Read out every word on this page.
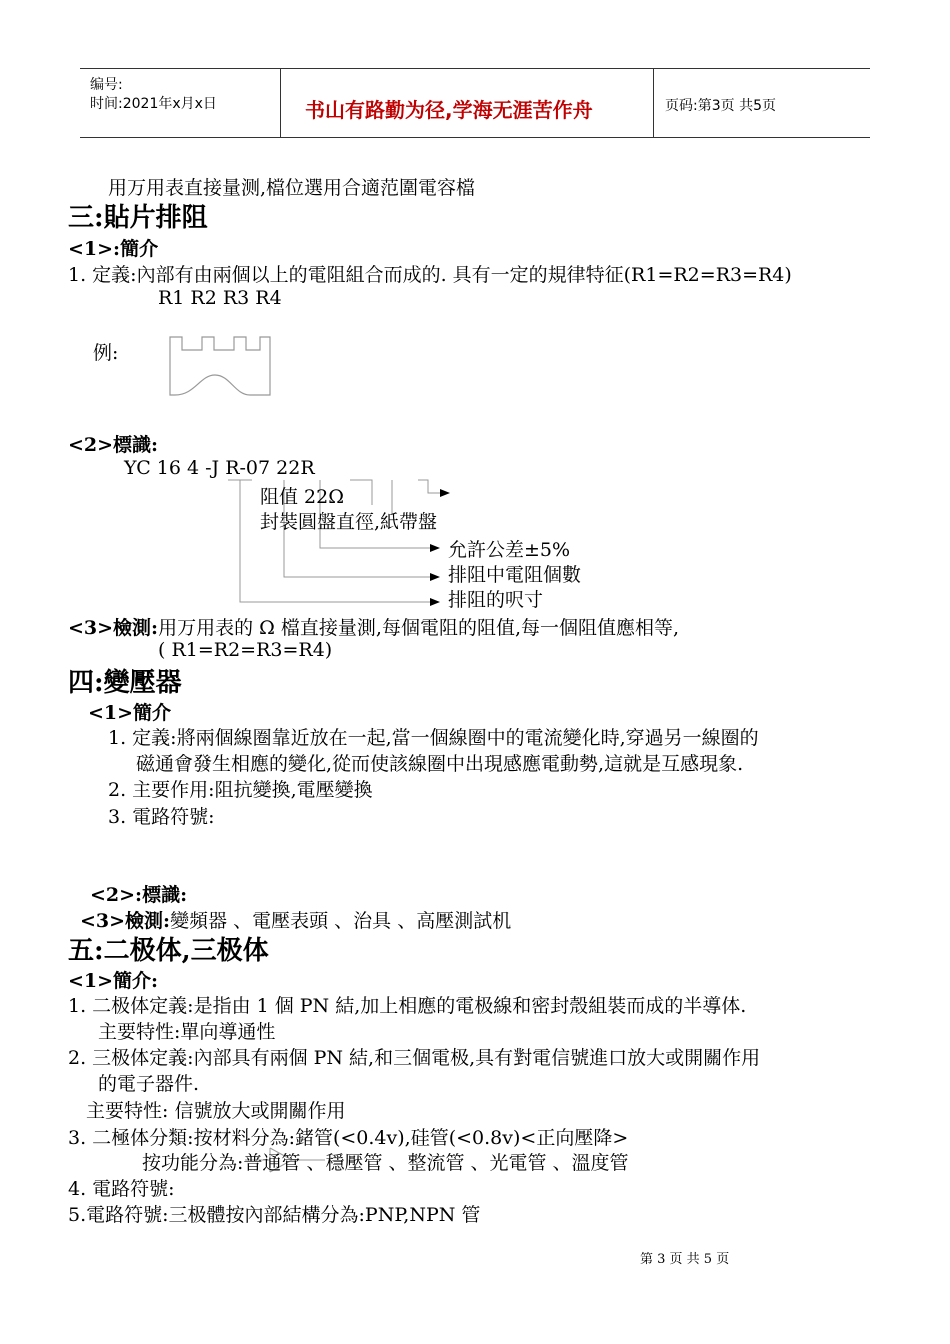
编号:
时间:2021年x月x日	书山有路勤为径,学海无涯苦作舟	页码:第3页 共5页
用万用表直接量测,檔位選用合適范圍電容檔
三:貼片排阻
<1>:簡介
1. 定義:內部有由兩個以上的電阻組合而成的. 具有一定的規律特征(R1=R2=R3=R4)
R1 R2 R3 R4
例:
<2>標識:
YC 16 4 -J R-07 22R
阻值 22Ω
封裝圓盤直徑,紙帶盤
允許公差±5%
排阻中電阻個數
排阻的呎寸
<3>檢測:用万用表的 Ω 檔直接量測,每個電阻的阻值,每一個阻值應相等,
( R1=R2=R3=R4)
四:變壓器
<1>簡介
1. 定義:將兩個線圈靠近放在一起,當一個線圈中的電流變化時,穿過另一線圈的
磁通會發生相應的變化,從而使該線圈中出現感應電動勢,這就是互感現象.
2. 主要作用:阻抗變換,電壓變換
3. 電路符號:
<2>:標識:
<3>檢測:變頻器 、電壓表頭 、治具 、高壓測試机
五:二极体,三极体
<1>簡介:
1. 二极体定義:是指由 1 個 PN 結,加上相應的電极線和密封殼組裝而成的半導体.
主要特性:單向導通性
2. 三极体定義:內部具有兩個 PN 結,和三個電极,具有對電信號進口放大或開關作用
的電子器件.
主要特性: 信號放大或開關作用
3. 二極体分類:按材料分為:鍺管(<0.4v),硅管(<0.8v)<正向壓降>
按功能分為:普通管 、穩壓管 、整流管 、光電管 、溫度管
4. 電路符號:
5.電路符號:三极體按內部結構分為:PNP,NPN 管
第 3 页 共 5 页
